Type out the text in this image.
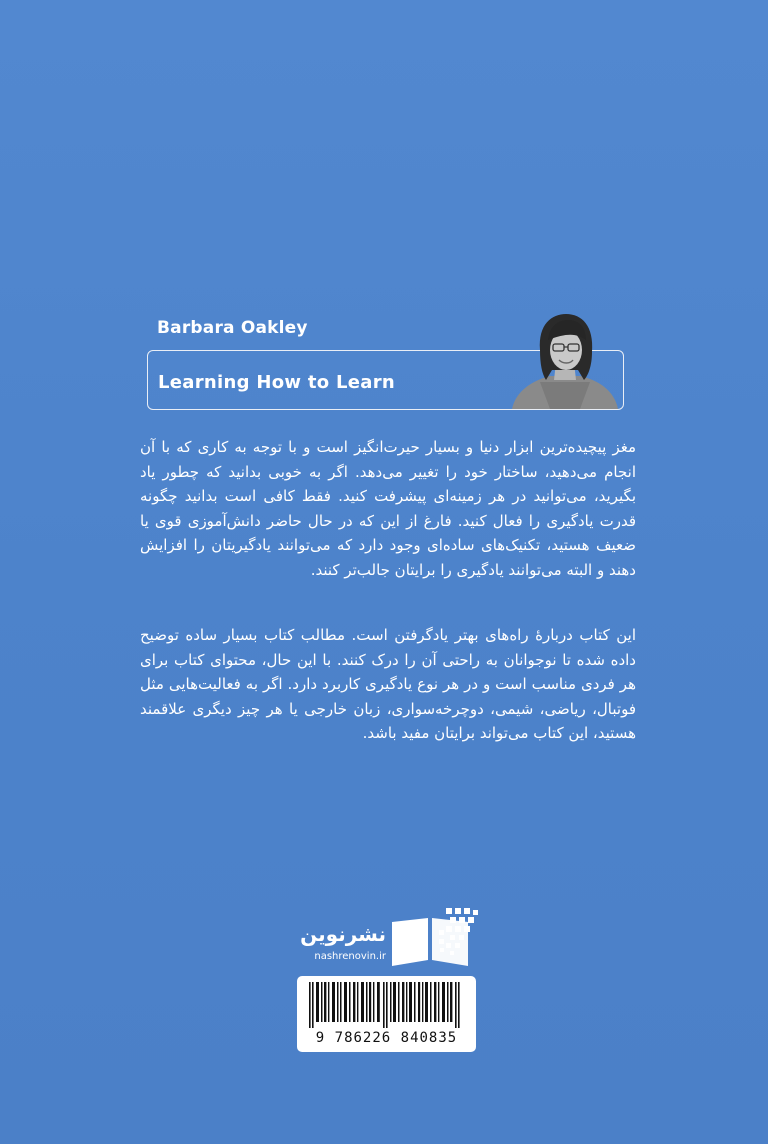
Barbara Oakley
Learning How to Learn
مغز پیچیده‌ترین ابزار دنیا و بسیار حیرت‌انگیز است و با توجه به کاری که با آن انجام می‌دهید، ساختار خود را تغییر می‌دهد. اگر به خوبی بدانید که چطور یاد بگیرید، می‌توانید در هر زمینه‌ای پیشرفت کنید. فقط کافی است بدانید چگونه قدرت یادگیری را فعال کنید. فارغ از این که در حال حاضر دانش‌آموزی قوی یا ضعیف هستید، تکنیک‌های ساده‌ای وجود دارد که می‌توانند یادگیریتان را افزایش دهند و البته می‌توانند یادگیری را برایتان جالب‌تر کنند.
این کتاب دربارهٔ راه‌های بهتر یادگرفتن است. مطالب کتاب بسیار ساده توضیح داده شده تا نوجوانان به راحتی آن را درک کنند. با این حال، محتوای کتاب برای هر فردی مناسب است و در هر نوع یادگیری کاربرد دارد. اگر به فعالیت‌هایی مثل فوتبال، ریاضی، شیمی، دوچرخه‌سواری، زبان خارجی یا هر چیز دیگری علاقمند هستید، این کتاب می‌تواند برایتان مفید باشد.
نشرنوین
nashrenovin.ir
9 786226 840835
